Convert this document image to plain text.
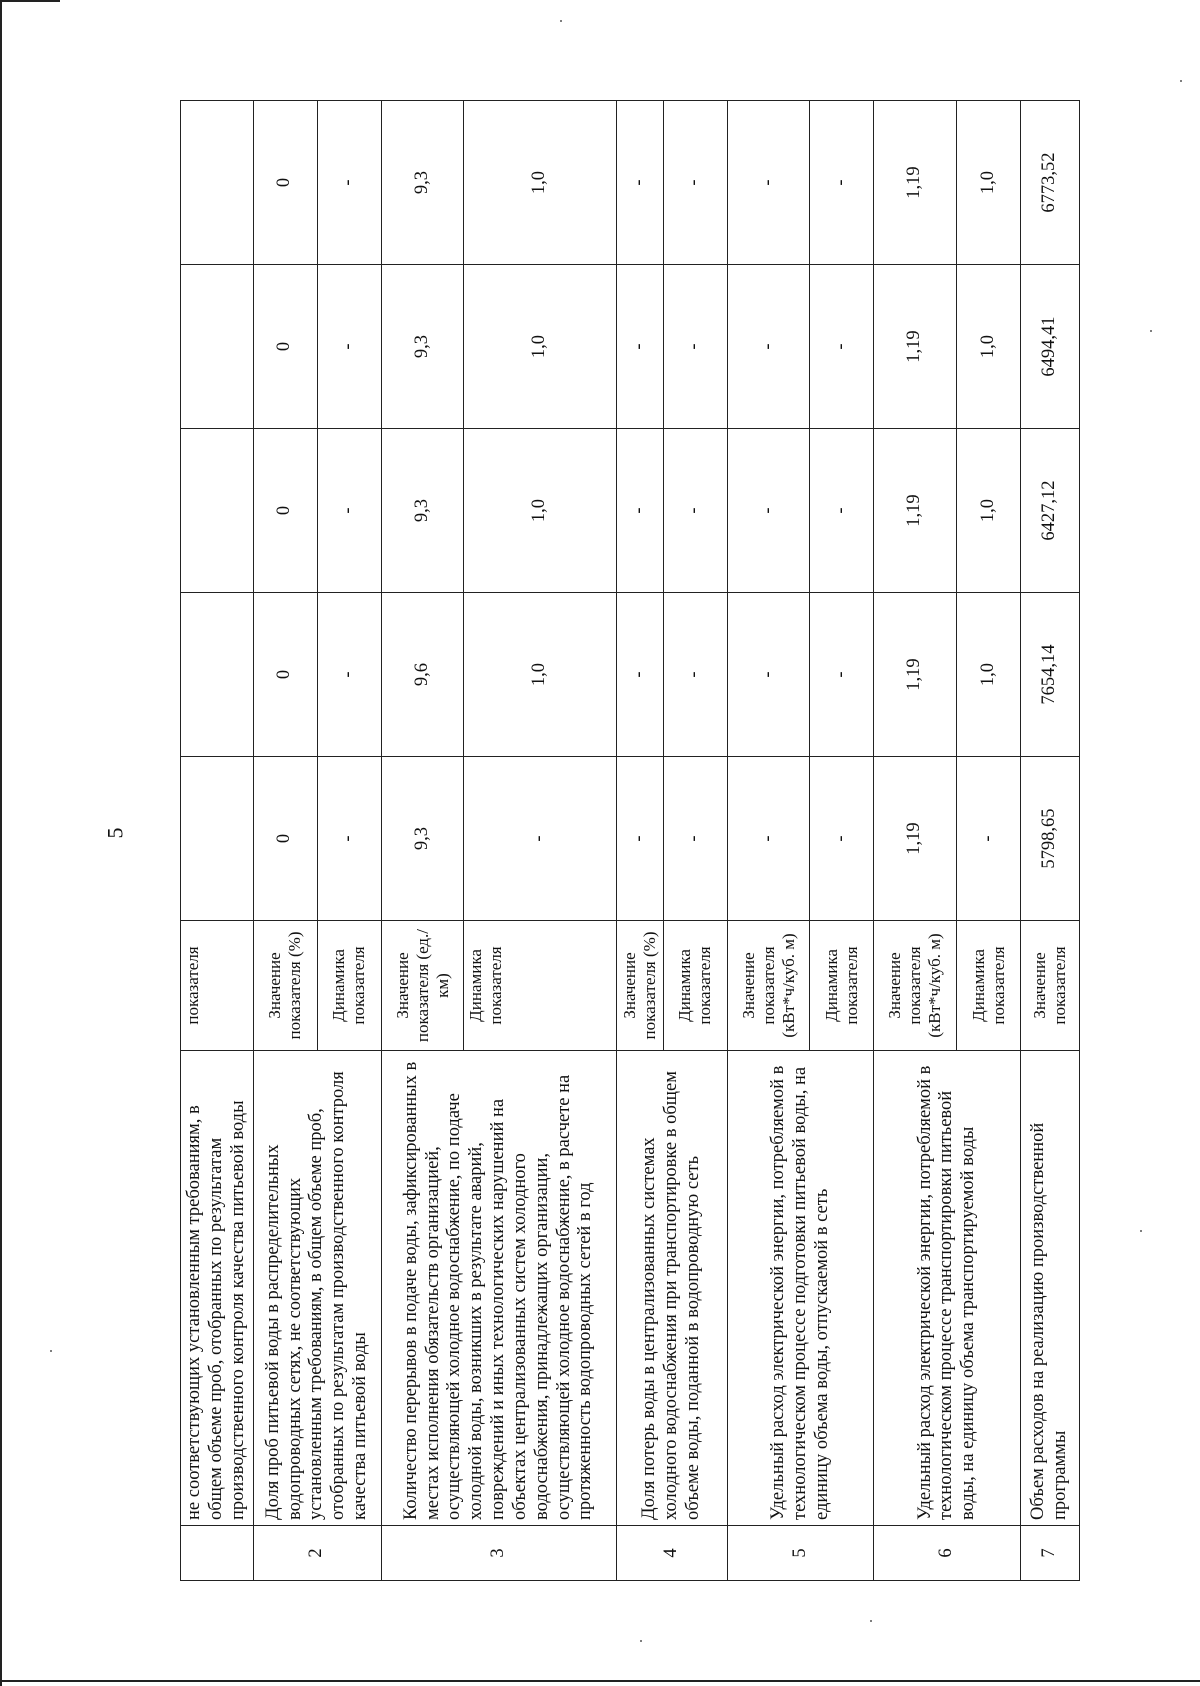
5
	не соответствующих установленным требованиям, в общем объеме проб, отобранных по результатам производственного контроля качества питьевой воды	показателя					
2	Доля проб питьевой воды в распределительных водопроводных сетях, не соответствующих установленным требованиям, в общем объеме проб, отобранных по результатам производственного контроля качества питьевой воды	Значение показателя (%)	0	0	0	0	0
		Динамика показателя	-	-	-	-	-
3	Количество перерывов в подаче воды, зафиксированных в местах исполнения обязательств организацией, осуществляющей холодное водоснабжение, по подаче холодной воды, возникших в результате аварий, повреждений и иных технологических нарушений на объектах централизованных систем холодного водоснабжения, принадлежащих организации, осуществляющей холодное водоснабжение, в расчете на протяженность водопроводных сетей в год	Значение показателя (ед./км)	9,3	9,6	9,3	9,3	9,3
		Динамика показателя	-	1,0	1,0	1,0	1,0
4	Доля потерь воды в централизованных системах холодного водоснабжения при транспортировке в общем объеме воды, поданной в водопроводную сеть	Значение показателя (%)	-	-	-	-	-
		Динамика показателя	-	-	-	-	-
5	Удельный расход электрической энергии, потребляемой в технологическом процессе подготовки питьевой воды, на единицу объема воды, отпускаемой в сеть	Значение показателя (кВт*ч/куб. м)	-	-	-	-	-
		Динамика показателя	-	-	-	-	-
6	Удельный расход электрической энергии, потребляемой в технологическом процессе транспортировки питьевой воды, на единицу объема транспортируемой воды	Значение показателя (кВт*ч/куб. м)	1,19	1,19	1,19	1,19	1,19
		Динамика показателя	-	1,0	1,0	1,0	1,0
7	Объем расходов на реализацию производственной программы	Значение показателя	5798,65	7654,14	6427,12	6494,41	6773,52
